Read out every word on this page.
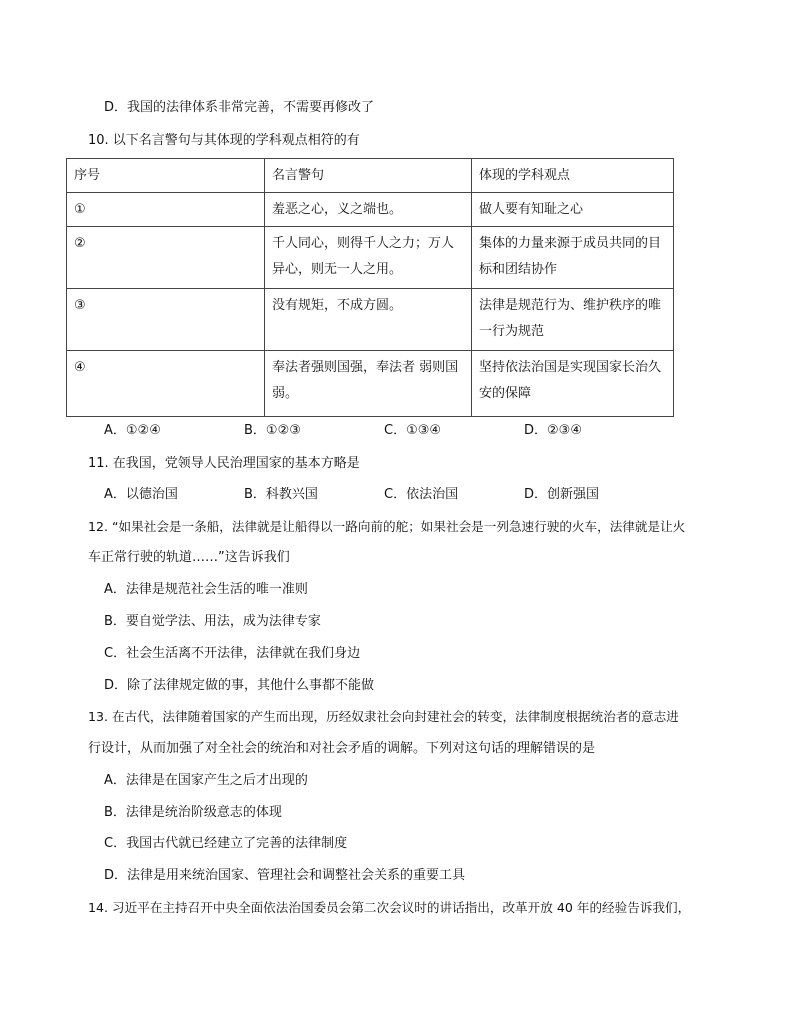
D．我国的法律体系非常完善，不需要再修改了
10. 以下名言警句与其体现的学科观点相符的有
序号	名言警句	体现的学科观点
①	羞恶之心，义之端也。	做人要有知耻之心
②	千人同心，则得千人之力；万人异心，则无一人之用。	集体的力量来源于成员共同的目标和团结协作

③	没有规矩，不成方圆。	法律是规范行为、维护秩序的唯一行为规范

④	奉法者强则国强，奉法者 弱则国弱。	坚持依法治国是实现国家长治久安的保障
A．①②④	B．①②③	C．①③④	D．②③④
11. 在我国，党领导人民治理国家的基本方略是
A．以德治国	B．科教兴国	C．依法治国	D．创新强国
12. “如果社会是一条船，法律就是让船得以一路向前的舵；如果社会是一列急速行驶的火车，法律就是让火
车正常行驶的轨道……”这告诉我们
A．法律是规范社会生活的唯一准则
B．要自觉学法、用法，成为法律专家
C．社会生活离不开法律，法律就在我们身边
D．除了法律规定做的事，其他什么事都不能做
13. 在古代，法律随着国家的产生而出现，历经奴隶社会向封建社会的转变，法律制度根据统治者的意志进
行设计，从而加强了对全社会的统治和对社会矛盾的调解。下列对这句话的理解错误的是
A．法律是在国家产生之后才出现的
B．法律是统治阶级意志的体现
C．我国古代就已经建立了完善的法律制度
D．法律是用来统治国家、管理社会和调整社会关系的重要工具
14. 习近平在主持召开中央全面依法治国委员会第二次会议时的讲话指出，改革开放 40 年的经验告诉我们，
